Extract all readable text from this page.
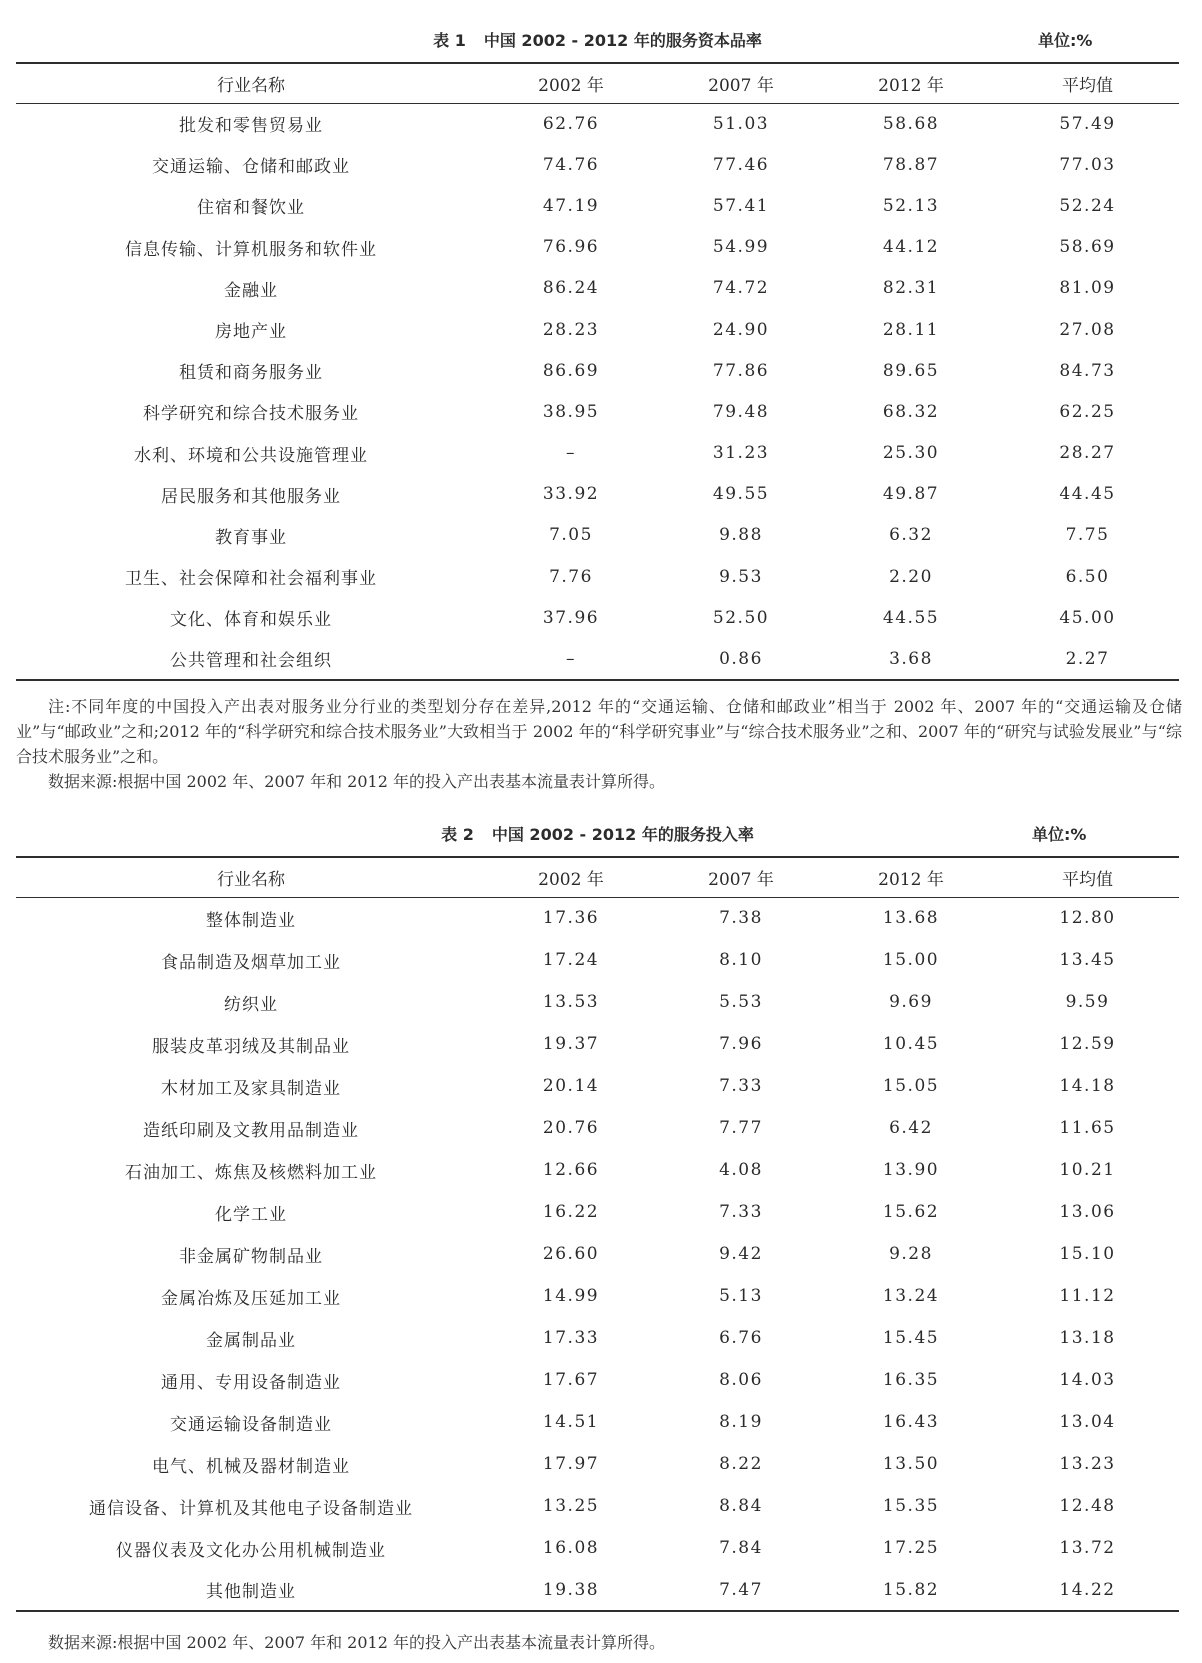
表 1 中国 2002 - 2012 年的服务资本品率	单位:%
行业名称	2002 年	2007 年	2012 年	平均值
批发和零售贸易业	62.76	51.03	58.68	57.49
交通运输、仓储和邮政业	74.76	77.46	78.87	77.03
住宿和餐饮业	47.19	57.41	52.13	52.24
信息传输、计算机服务和软件业	76.96	54.99	44.12	58.69
金融业	86.24	74.72	82.31	81.09
房地产业	28.23	24.90	28.11	27.08
租赁和商务服务业	86.69	77.86	89.65	84.73
科学研究和综合技术服务业	38.95	79.48	68.32	62.25
水利、环境和公共设施管理业	–	31.23	25.30	28.27
居民服务和其他服务业	33.92	49.55	49.87	44.45
教育事业	7.05	9.88	6.32	7.75
卫生、社会保障和社会福利事业	7.76	9.53	2.20	6.50
文化、体育和娱乐业	37.96	52.50	44.55	45.00
公共管理和社会组织	–	0.86	3.68	2.27

注:不同年度的中国投入产出表对服务业分行业的类型划分存在差异,2012 年的“交通运输、仓储和邮政业”相当于 2002 年、2007 年的“交通运输及仓储业”与“邮政业”之和;2012 年的“科学研究和综合技术服务业”大致相当于 2002 年的“科学研究事业”与“综合技术服务业”之和、2007 年的“研究与试验发展业”与“综合技术服务业”之和。

数据来源:根据中国 2002 年、2007 年和 2012 年的投入产出表基本流量表计算所得。

表 2 中国 2002 - 2012 年的服务投入率	单位:%
行业名称	2002 年	2007 年	2012 年	平均值
整体制造业	17.36	7.38	13.68	12.80
食品制造及烟草加工业	17.24	8.10	15.00	13.45
纺织业	13.53	5.53	9.69	9.59
服装皮革羽绒及其制品业	19.37	7.96	10.45	12.59
木材加工及家具制造业	20.14	7.33	15.05	14.18
造纸印刷及文教用品制造业	20.76	7.77	6.42	11.65
石油加工、炼焦及核燃料加工业	12.66	4.08	13.90	10.21
化学工业	16.22	7.33	15.62	13.06
非金属矿物制品业	26.60	9.42	9.28	15.10
金属冶炼及压延加工业	14.99	5.13	13.24	11.12
金属制品业	17.33	6.76	15.45	13.18
通用、专用设备制造业	17.67	8.06	16.35	14.03
交通运输设备制造业	14.51	8.19	16.43	13.04
电气、机械及器材制造业	17.97	8.22	13.50	13.23
通信设备、计算机及其他电子设备制造业	13.25	8.84	15.35	12.48
仪器仪表及文化办公用机械制造业	16.08	7.84	17.25	13.72
其他制造业	19.38	7.47	15.82	14.22

数据来源:根据中国 2002 年、2007 年和 2012 年的投入产出表基本流量表计算所得。
